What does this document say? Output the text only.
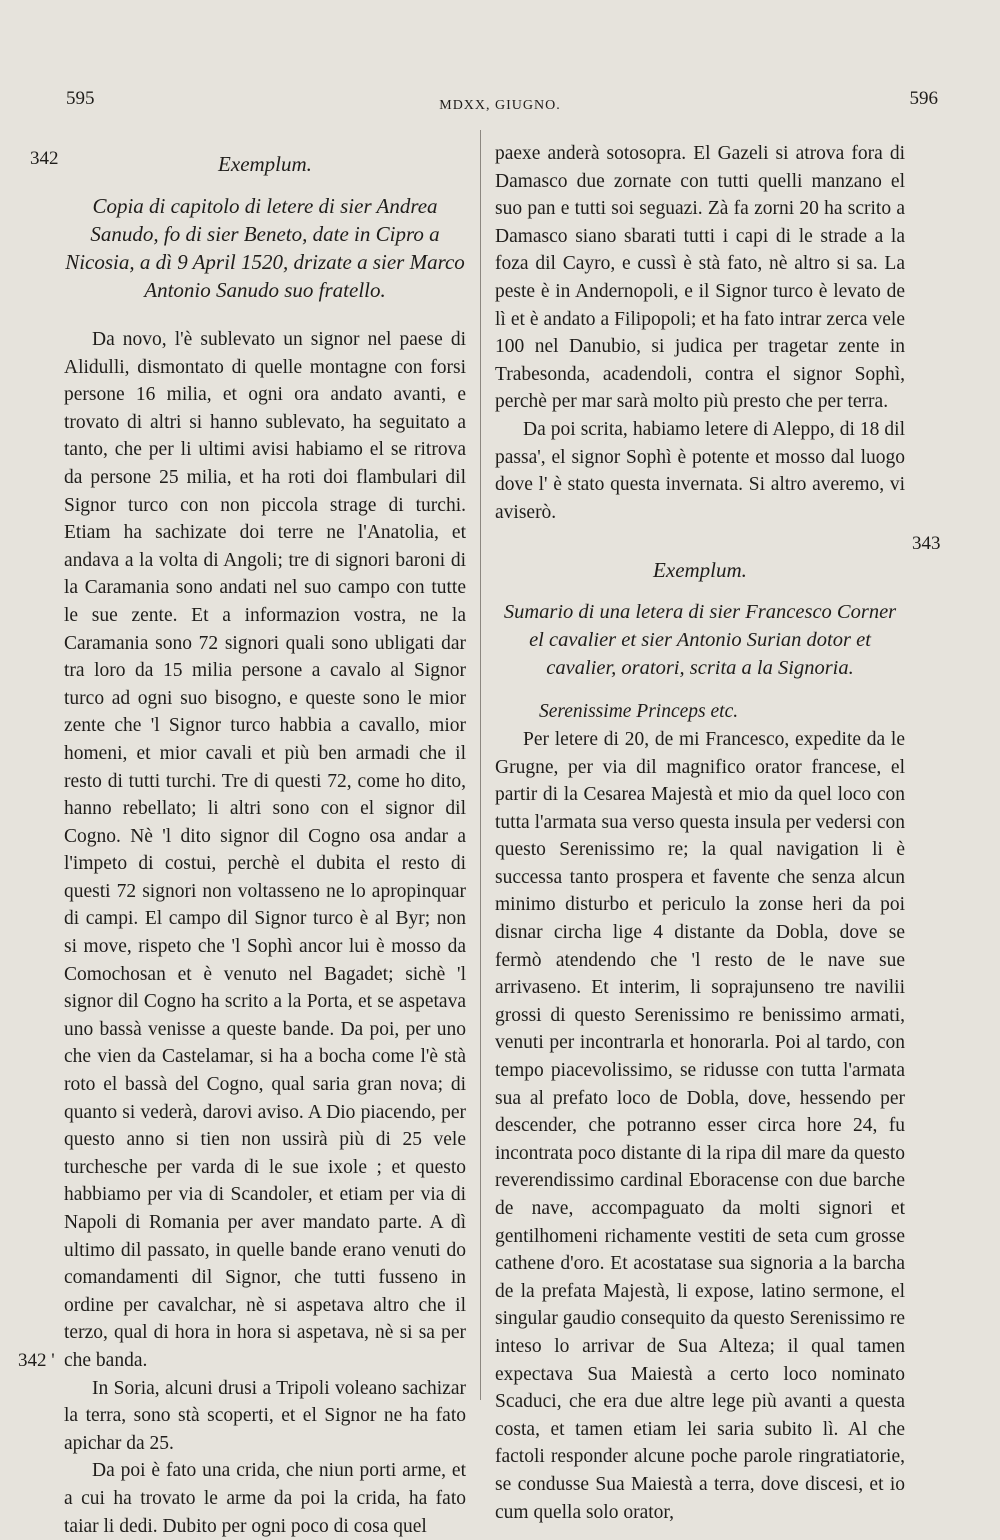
595	MDXX, GIUGNO.	596
342
343
342 '
Exemplum.
Copia di capitolo di letere di sier Andrea Sanudo, fo di sier Beneto, date in Cipro a Nicosia, a dì 9 April 1520, drizate a sier Marco Antonio Sanudo suo fratello.

Da novo, l'è sublevato un signor nel paese di Alidulli, dismontato di quelle montagne con forsi persone 16 milia, et ogni ora andato avanti, e trovato di altri si hanno sublevato, ha seguitato a tanto, che per li ultimi avisi habiamo el se ritrova da persone 25 milia, et ha roti doi flambulari dil Signor turco con non piccola strage di turchi. Etiam ha sachizate doi terre ne l'Anatolia, et andava a la volta di Angoli; tre di signori baroni di la Caramania sono andati nel suo campo con tutte le sue zente. Et a informazion vostra, ne la Caramania sono 72 signori quali sono ubligati dar tra loro da 15 milia persone a cavalo al Signor turco ad ogni suo bisogno, e queste sono le mior zente che 'l Signor turco habbia a cavallo, mior homeni, et mior cavali et più ben armadi che il resto di tutti turchi. Tre di questi 72, come ho dito, hanno rebellato; li altri sono con el signor dil Cogno. Nè 'l dito signor dil Cogno osa andar a l'impeto di costui, perchè el dubita el resto di questi 72 signori non voltasseno ne lo apropinquar di campi. El campo dil Signor turco è al Byr; non si move, rispeto che 'l Sophì ancor lui è mosso da Comochosan et è venuto nel Bagadet; sichè 'l signor dil Cogno ha scrito a la Porta, et se aspetava uno bassà venisse a queste bande. Da poi, per uno che vien da Castelamar, si ha a bocha come l'è stà roto el bassà del Cogno, qual saria gran nova; di quanto si vederà, darovi aviso. A Dio piacendo, per questo anno si tien non ussirà più di 25 vele turchesche per varda di le sue ixole ; et questo habbiamo per via di Scandoler, et etiam per via di Napoli di Romania per aver mandato parte. A dì ultimo dil passato, in quelle bande erano venuti do comandamenti dil Signor, che tutti fusseno in ordine per cavalchar, nè si aspetava altro che il terzo, qual di hora in hora si aspetava, nè si sa per che banda.

In Soria, alcuni drusi a Tripoli voleano sachizar la terra, sono stà scoperti, et el Signor ne ha fato apichar da 25.

Da poi è fato una crida, che niun porti arme, et a cui ha trovato le arme da poi la crida, ha fato taiar li dedi. Dubito per ogni poco di cosa quel

paexe anderà sotosopra. El Gazeli si atrova fora di Damasco due zornate con tutti quelli manzano el suo pan e tutti soi seguazi. Zà fa zorni 20 ha scrito a Damasco siano sbarati tutti i capi di le strade a la foza dil Cayro, e cussì è stà fato, nè altro si sa. La peste è in Andernopoli, e il Signor turco è levato de lì et è andato a Filipopoli; et ha fato intrar zerca vele 100 nel Danubio, si judica per tragetar zente in Trabesonda, acadendoli, contra el signor Sophì, perchè per mar sarà molto più presto che per terra.

Da poi scrita, habiamo letere di Aleppo, di 18 dil passa', el signor Sophì è potente et mosso dal luogo dove l' è stato questa invernata. Si altro averemo, vi aviserò.

Exemplum.
Sumario di una letera di sier Francesco Corner el cavalier et sier Antonio Surian dotor et cavalier, oratori, scrita a la Signoria.

Serenissime Princeps etc.

Per letere di 20, de mi Francesco, expedite da le Grugne, per via dil magnifico orator francese, el partir di la Cesarea Majestà et mio da quel loco con tutta l'armata sua verso questa insula per vedersi con questo Serenissimo re; la qual navigation li è successa tanto prospera et favente che senza alcun minimo disturbo et periculo la zonse heri da poi disnar circha lige 4 distante da Dobla, dove se fermò atendendo che 'l resto de le nave sue arrivaseno. Et interim, li soprajunseno tre navilii grossi di questo Serenissimo re benissimo armati, venuti per incontrarla et honorarla. Poi al tardo, con tempo piacevolissimo, se ridusse con tutta l'armata sua al prefato loco de Dobla, dove, hessendo per descender, che potranno esser circa hore 24, fu incontrata poco distante di la ripa dil mare da questo reverendissimo cardinal Eboracense con due barche de nave, accompaguato da molti signori et gentilhomeni richamente vestiti de seta cum grosse cathene d'oro. Et acostatase sua signoria a la barcha de la prefata Majestà, li expose, latino sermone, el singular gaudio consequito da questo Serenissimo re inteso lo arrivar de Sua Alteza; il qual tamen expectava Sua Maiestà a certo loco nominato Scaduci, che era due altre lege più avanti a questa costa, et tamen etiam lei saria subito lì. Al che factoli responder alcune poche parole ringratiatorie, se condusse Sua Maiestà a terra, dove discesi, et io cum quella solo orator,
